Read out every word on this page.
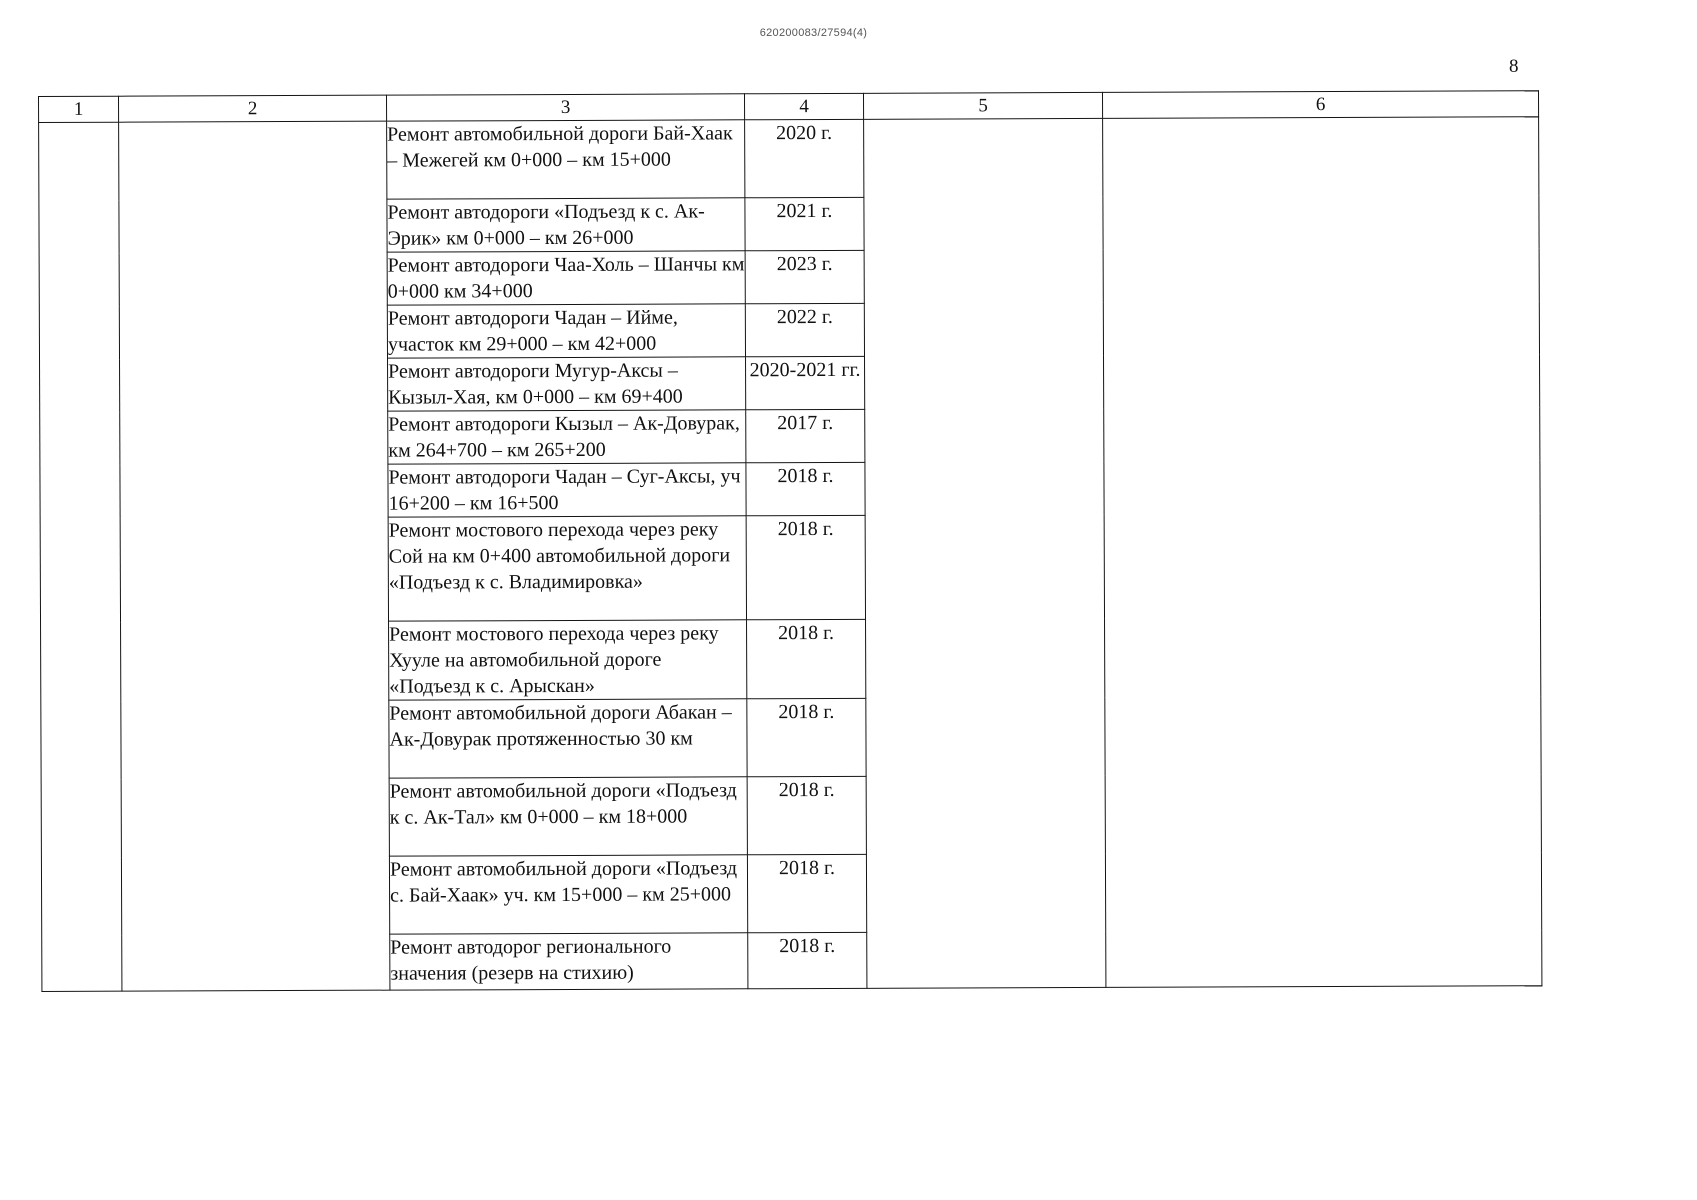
620200083/27594(4)
8
1	2	3	4	5	6
		Ремонт автомобильной дороги Бай-Хаак – Межегей км 0+000 – км 15+000	2020 г.		
		Ремонт автодороги «Подъезд к с. Ак-Эрик» км 0+000 – км 26+000	2021 г.		
		Ремонт автодороги Чаа-Холь – Шанчы км 0+000 км 34+000	2023 г.		
		Ремонт автодороги Чадан – Ийме, участок км 29+000 – км 42+000	2022 г.		
		Ремонт автодороги Мугур-Аксы – Кызыл-Хая, км 0+000 – км 69+400	2020-2021 гг.		
		Ремонт автодороги Кызыл – Ак-Довурак, км 264+700 – км 265+200	2017 г.		
		Ремонт автодороги Чадан – Суг-Аксы, уч 16+200 – км 16+500	2018 г.		
		Ремонт мостового перехода через реку Сой на км 0+400 автомобильной дороги «Подъезд к с. Владимировка»	2018 г.		
		Ремонт мостового перехода через реку Хууле на автомобильной дороге «Подъезд к с. Арыскан»	2018 г.		
		Ремонт автомобильной дороги Абакан – Ак-Довурак протяженностью 30 км	2018 г.		
		Ремонт автомобильной дороги «Подъезд к с. Ак-Тал» км 0+000 – км 18+000	2018 г.		
		Ремонт автомобильной дороги «Подъезд с. Бай-Хаак» уч. км 15+000 – км 25+000	2018 г.		
		Ремонт автодорог регионального значения (резерв на стихию)	2018 г.		
